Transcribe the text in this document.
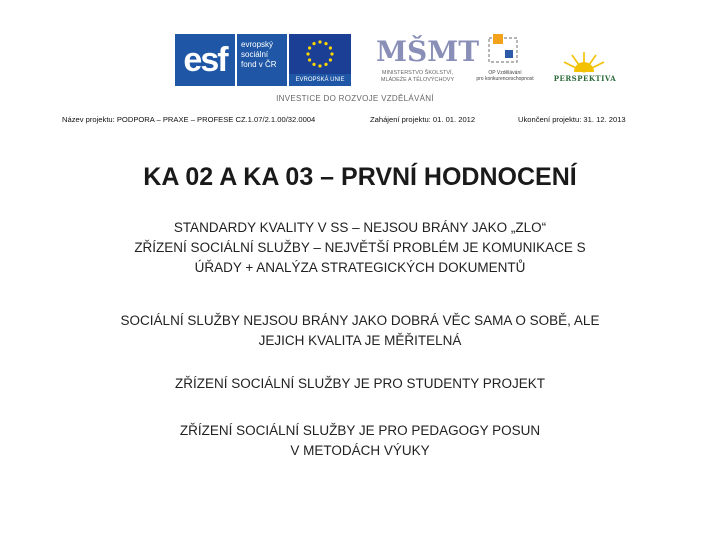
esf	evropský
sociální
fond v ČR
EVROPSKÁ UNIE
MŠMT
MINISTERSTVO ŠKOLSTVÍ,
MLÁDEŽE A TĚLOVÝCHOVY
OP Vzdělávání
pro konkurenceschopnost	PERSPEKTIVA
INVESTICE DO ROZVOJE VZDĚLÁVÁNÍ
Název projektu: PODPORA – PRAXE – PROFESE CZ.1.07/2.1.00/32.0004	Zahájení projektu: 01. 01. 2012	Ukončení projektu: 31. 12. 2013
KA 02 A KA 03 – PRVNÍ HODNOCENÍ
STANDARDY KVALITY V SS – NEJSOU BRÁNY JAKO „ZLO“
ZŘÍZENÍ SOCIÁLNÍ SLUŽBY – NEJVĚTŠÍ PROBLÉM JE KOMUNIKACE S
ÚŘADY + ANALÝZA STRATEGICKÝCH DOKUMENTŮ
SOCIÁLNÍ SLUŽBY NEJSOU BRÁNY JAKO DOBRÁ VĚC SAMA O SOBĚ, ALE
JEJICH KVALITA JE MĚŘITELNÁ
ZŘÍZENÍ SOCIÁLNÍ SLUŽBY JE PRO STUDENTY PROJEKT
ZŘÍZENÍ SOCIÁLNÍ SLUŽBY JE PRO PEDAGOGY POSUN
V METODÁCH VÝUKY
